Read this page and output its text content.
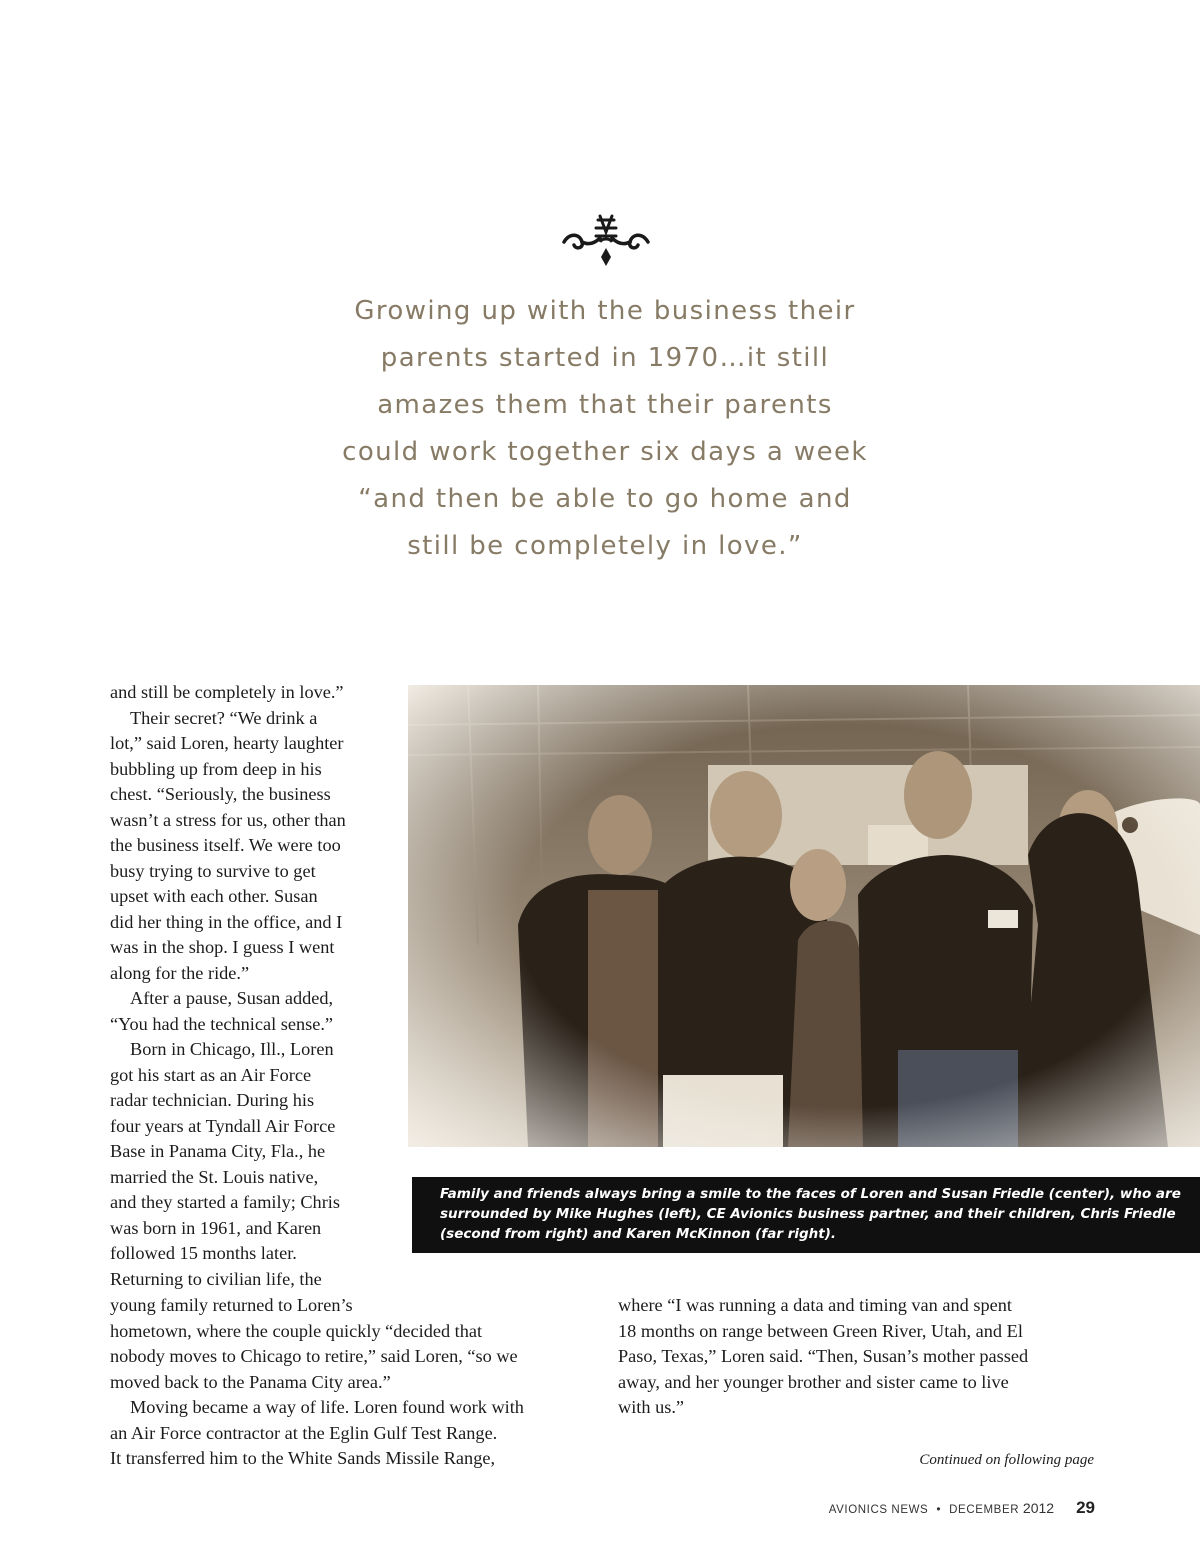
Growing up with the business their
parents started in 1970…it still
amazes them that their parents
could work together six days a week
“and then be able to go home and
still be completely in love.”
and still be completely in love.”
Their secret? “We drink a
lot,” said Loren, hearty laughter
bubbling up from deep in his
chest. “Seriously, the business
wasn’t a stress for us, other than
the business itself. We were too
busy trying to survive to get
upset with each other. Susan
did her thing in the office, and I
was in the shop. I guess I went
along for the ride.”
After a pause, Susan added,
“You had the technical sense.”
Born in Chicago, Ill., Loren
got his start as an Air Force
radar technician. During his
four years at Tyndall Air Force
Base in Panama City, Fla., he
married the St. Louis native,
and they started a family; Chris
was born in 1961, and Karen
followed 15 months later.
Returning to civilian life, the
Family and friends always bring a smile to the faces of Loren and Susan Friedle (center), who are
surrounded by Mike Hughes (left), CE Avionics business partner, and their children, Chris Friedle
(second from right) and Karen McKinnon (far right).
young family returned to Loren’s
hometown, where the couple quickly “decided that
nobody moves to Chicago to retire,” said Loren, “so we
moved back to the Panama City area.”
Moving became a way of life. Loren found work with
an Air Force contractor at the Eglin Gulf Test Range.
It transferred him to the White Sands Missile Range,
where “I was running a data and timing van and spent
18 months on range between Green River, Utah, and El
Paso, Texas,” Loren said. “Then, Susan’s mother passed
away, and her younger brother and sister came to live
with us.”
Continued on following page
AVIONICS NEWS • DECEMBER 2012 29
